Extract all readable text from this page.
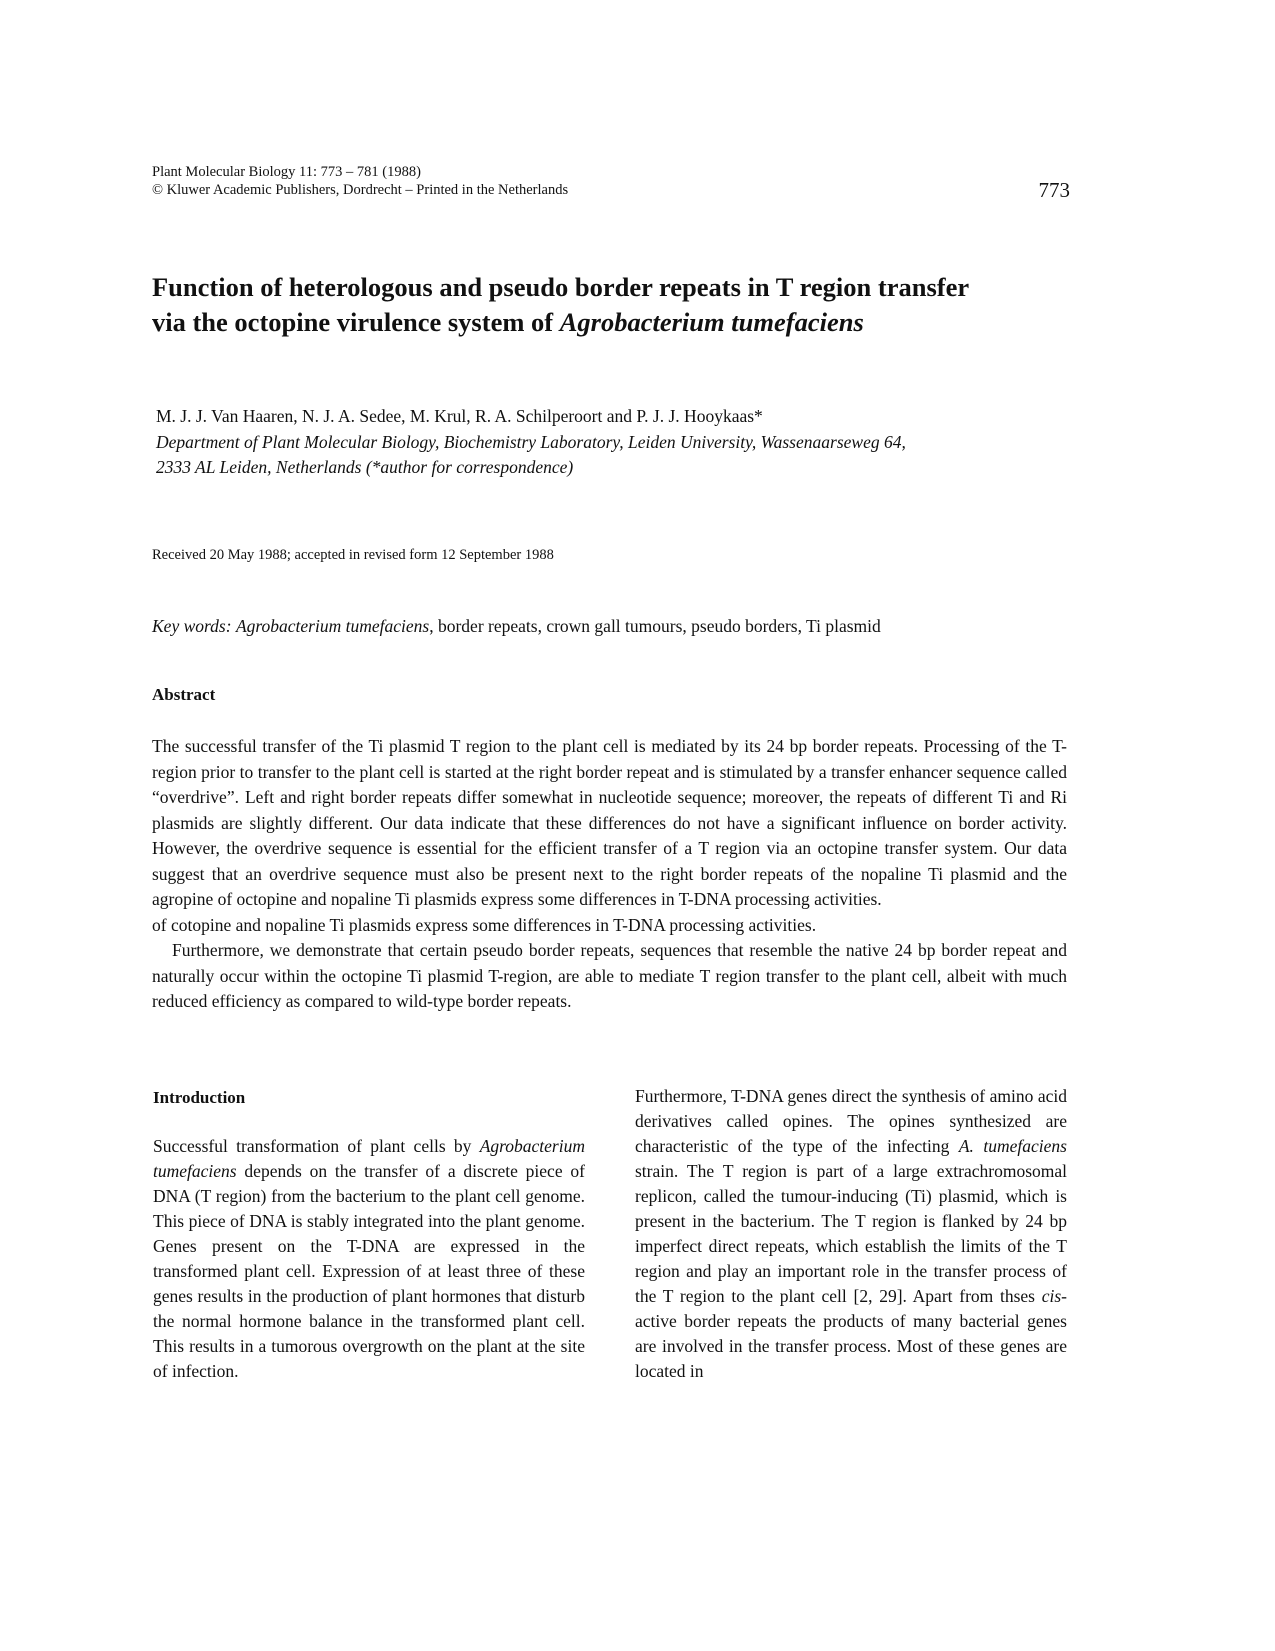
Plant Molecular Biology 11: 773 – 781 (1988)
© Kluwer Academic Publishers, Dordrecht – Printed in the Netherlands	773
Function of heterologous and pseudo border repeats in T region transfer
via the octopine virulence system of Agrobacterium tumefaciens
M. J. J. Van Haaren, N. J. A. Sedee, M. Krul, R. A. Schilperoort and P. J. J. Hooykaas*
Department of Plant Molecular Biology, Biochemistry Laboratory, Leiden University, Wassenaarseweg 64,
2333 AL Leiden, Netherlands (*author for correspondence)
Received 20 May 1988; accepted in revised form 12 September 1988
Key words: Agrobacterium tumefaciens, border repeats, crown gall tumours, pseudo borders, Ti plasmid
Abstract

The successful transfer of the Ti plasmid T region to the plant cell is mediated by its 24 bp border repeats. Processing of the T-region prior to transfer to the plant cell is started at the right border repeat and is stimulated by a transfer enhancer sequence called “overdrive”. Left and right border repeats differ somewhat in nucleotide sequence; moreover, the repeats of different Ti and Ri plasmids are slightly different. Our data indicate that these differences do not have a significant influence on border activity. However, the overdrive sequence is essential for the efficient transfer of a T region via an octopine transfer system. Our data suggest that an overdrive sequence must also be present next to the right border repeats of the nopaline Ti plasmid and the agropine of octopine and nopaline Ti plasmids express some differences in T-DNA processing activities.

of cotopine and nopaline Ti plasmids express some differences in T-DNA processing activities.

Furthermore, we demonstrate that certain pseudo border repeats, sequences that resemble the native 24 bp border repeat and naturally occur within the octopine Ti plasmid T-region, are able to mediate T region transfer to the plant cell, albeit with much reduced efficiency as compared to wild-type border repeats.

Introduction

Successful transformation of plant cells by Agrobacterium tumefaciens depends on the transfer of a discrete piece of DNA (T region) from the bacterium to the plant cell genome. This piece of DNA is stably integrated into the plant genome. Genes present on the T-DNA are expressed in the transformed plant cell. Expression of at least three of these genes results in the production of plant hormones that disturb the normal hormone balance in the transformed plant cell. This results in a tumorous overgrowth on the plant at the site of infection.

Furthermore, T-DNA genes direct the synthesis of amino acid derivatives called opines. The opines synthesized are characteristic of the type of the infecting A. tumefaciens strain. The T region is part of a large extrachromosomal replicon, called the tumour-inducing (Ti) plasmid, which is present in the bacterium. The T region is flanked by 24 bp imperfect direct repeats, which establish the limits of the T region and play an important role in the transfer process of the T region to the plant cell [2, 29]. Apart from thses cis-active border repeats the products of many bacterial genes are involved in the transfer process. Most of these genes are located in
